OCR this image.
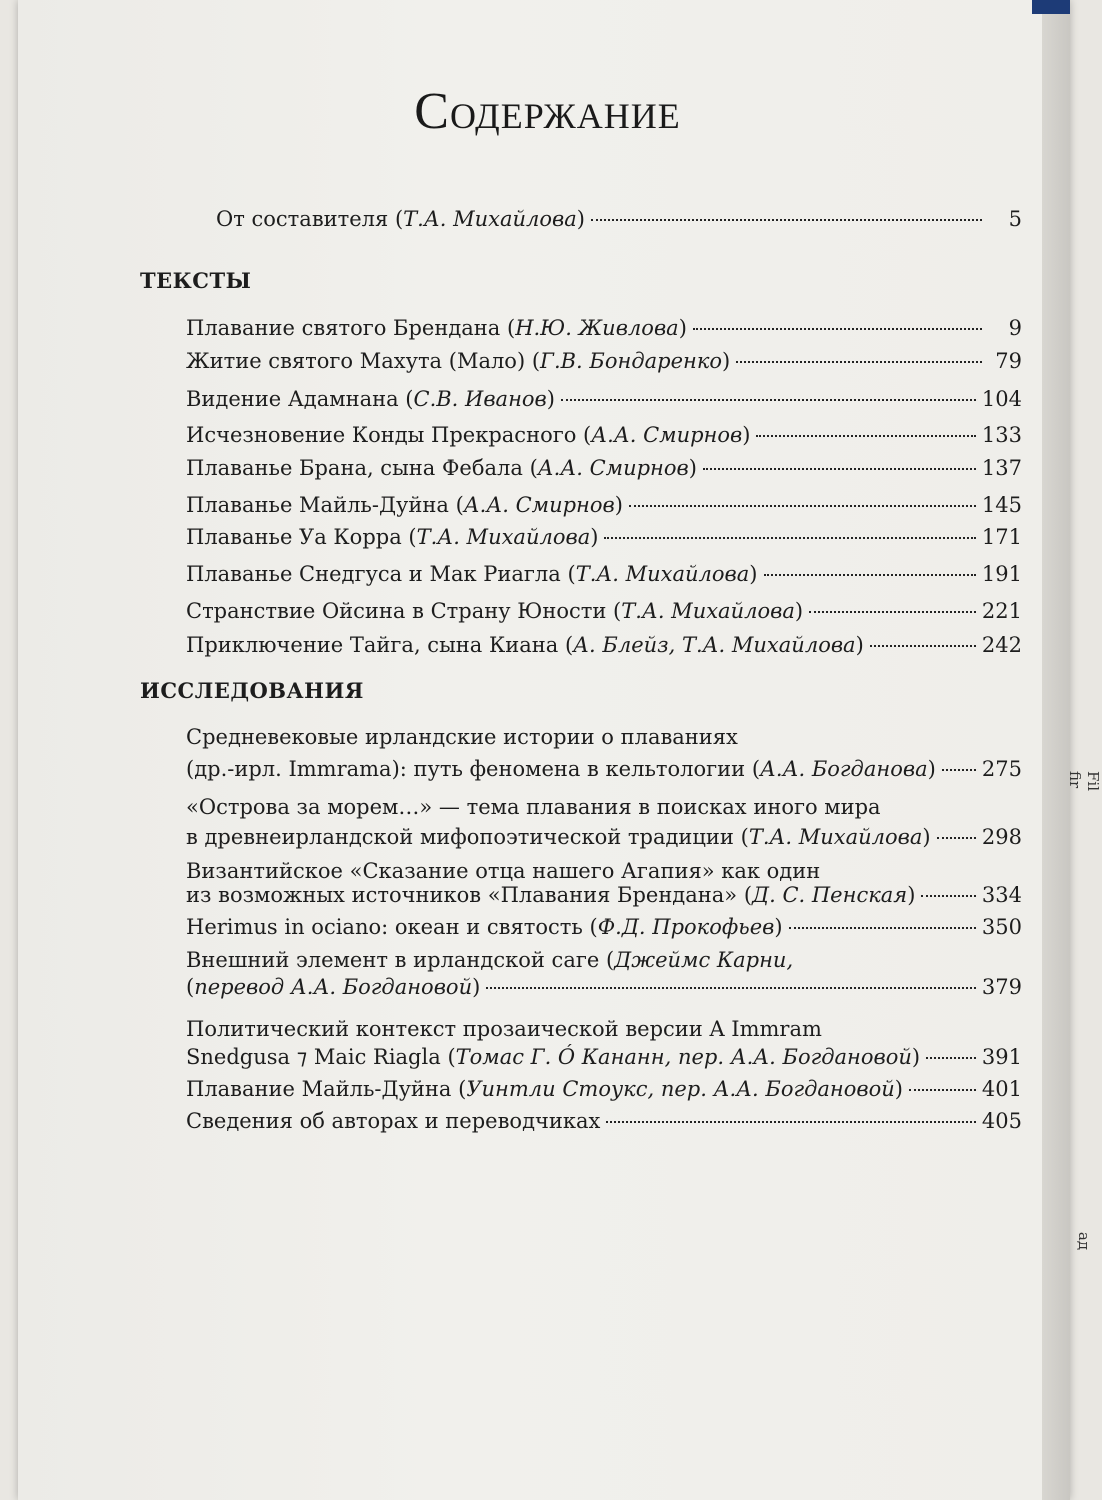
Содержание
От составителя (Т.А. Михайлова)	5
ТЕКСТЫ
Плавание святого Брендана (Н.Ю. Живлова)	9
Житие святого Махута (Мало) (Г.В. Бондаренко)	79
Видение Адамнана (С.В. Иванов)	104
Исчезновение Конды Прекрасного (А.А. Смирнов)	133
Плаванье Брана, сына Фебала (А.А. Смирнов)	137
Плаванье Майль-Дуйна (А.А. Смирнов)	145
Плаванье Уа Корра (Т.А. Михайлова)	171
Плаванье Снедгуса и Мак Риагла (Т.А. Михайлова)	191
Странствие Ойсина в Страну Юности (Т.А. Михайлова)	221
Приключение Тайга, сына Киана (А. Блейз, Т.А. Михайлова)	242
ИССЛЕДОВАНИЯ
Средневековые ирландские истории о плаваниях
(др.-ирл. Immrama): путь феномена в кельтологии (А.А. Богданова) 275
«Острова за морем…» — тема плавания в поисках иного мира
в древнеирландской мифопоэтической традиции (Т.А. Михайлова) 298
Византийское «Сказание отца нашего Агапия» как один
из возможных источников «Плавания Брендана» (Д. С. Пенская)	334
Herimus in ociano: океан и святость (Ф.Д. Прокофьев)	350
Внешний элемент в ирландской саге (Джеймс Карни,
(перевод А.А. Богдановой)	379
Политический контекст прозаической версии A Immram
Snedgusa ⁊ Maic Riagla (Томас Г. Ó Кананн, пер. А.А. Богдановой)	391
Плавание Майль-Дуйна (Уинтли Стоукс, пер. А.А. Богдановой)	401
Сведения об авторах и переводчиках	405
Fil fir
ад
